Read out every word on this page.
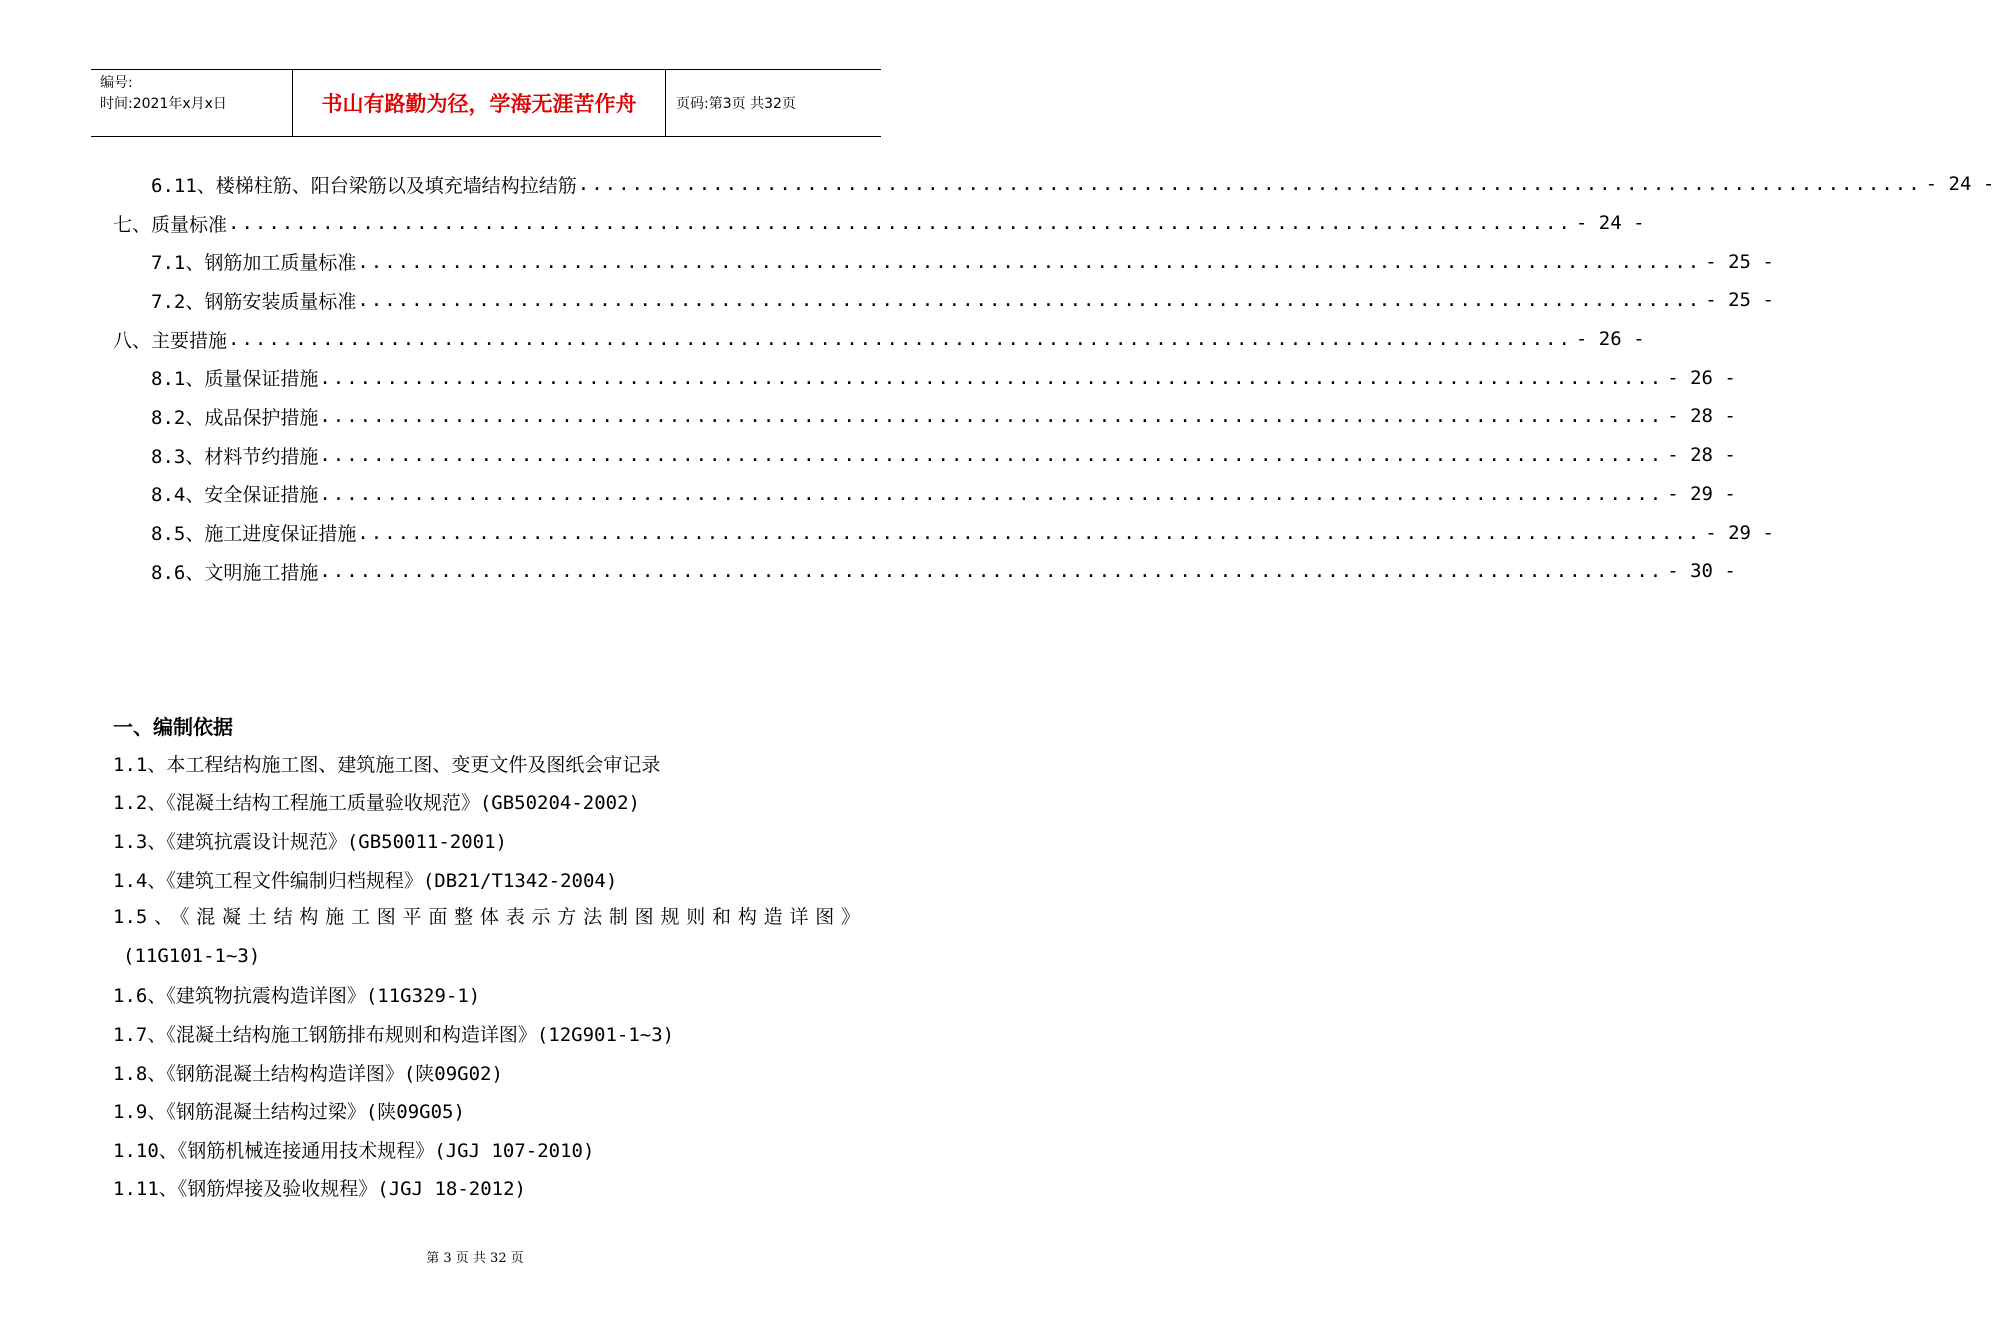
编号:
时间:2021年x月x日	书山有路勤为径，学海无涯苦作舟	页码:第3页 共32页
6.11、楼梯柱筋、阳台梁筋以及填充墙结构拉结筋 .................................................................................................... - 24 -
七、质量标准 .................................................................................................... - 24 -
7.1、钢筋加工质量标准 .................................................................................................... - 25 -
7.2、钢筋安装质量标准 .................................................................................................... - 25 -
八、主要措施 .................................................................................................... - 26 -
8.1、质量保证措施 .................................................................................................... - 26 -
8.2、成品保护措施 .................................................................................................... - 28 -
8.3、材料节约措施 .................................................................................................... - 28 -
8.4、安全保证措施 .................................................................................................... - 29 -
8.5、施工进度保证措施 .................................................................................................... - 29 -
8.6、文明施工措施 .................................................................................................... - 30 -
一、编制依据
1.1、本工程结构施工图、建筑施工图、变更文件及图纸会审记录
1.2、《混凝土结构工程施工质量验收规范》(GB50204-2002)
1.3、《建筑抗震设计规范》(GB50011-2001)
1.4、《建筑工程文件编制归档规程》(DB21/T1342-2004)
1.5、《混凝土结构施工图平面整体表示方法制图规则和构造详图》
(11G101-1~3)
1.6、《建筑物抗震构造详图》(11G329-1)
1.7、《混凝土结构施工钢筋排布规则和构造详图》(12G901-1~3)
1.8、《钢筋混凝土结构构造详图》(陕09G02)
1.9、《钢筋混凝土结构过梁》(陕09G05)
1.10、《钢筋机械连接通用技术规程》(JGJ 107-2010)
1.11、《钢筋焊接及验收规程》(JGJ 18-2012)
第 3 页 共 32 页
